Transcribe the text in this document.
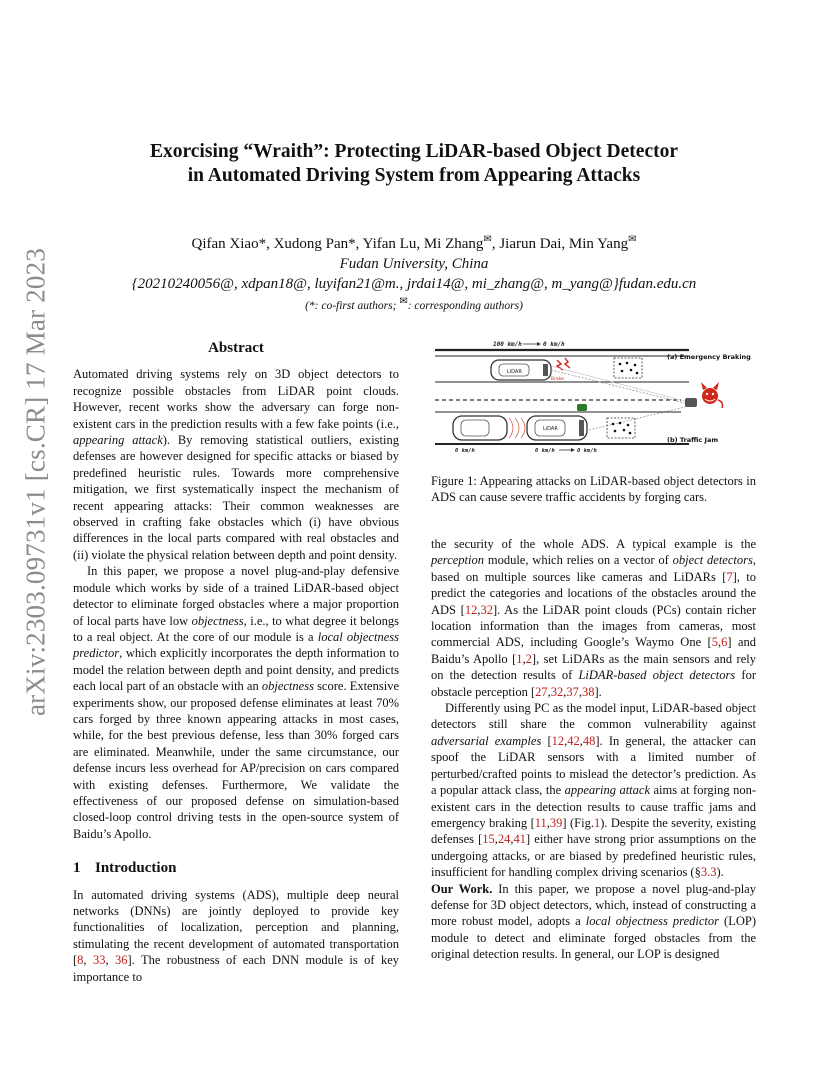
arXiv:2303.09731v1 [cs.CR] 17 Mar 2023
Exorcising “Wraith”: Protecting LiDAR-based Object Detector
in Automated Driving System from Appearing Attacks
Qifan Xiao*, Xudong Pan*, Yifan Lu, Mi Zhang✉, Jiarun Dai, Min Yang✉
Fudan University, China
{20210240056@, xdpan18@, luyifan21@m., jrdai14@, mi_zhang@, m_yang@}fudan.edu.cn
(*: co-first authors; ✉: corresponding authors)
Abstract

Automated driving systems rely on 3D object detectors to recognize possible obstacles from LiDAR point clouds. However, recent works show the adversary can forge non-existent cars in the prediction results with a few fake points (i.e., appearing attack). By removing statistical outliers, existing defenses are however designed for specific attacks or biased by predefined heuristic rules. Towards more comprehensive mitigation, we first systematically inspect the mechanism of recent appearing attacks: Their common weaknesses are observed in crafting fake obstacles which (i) have obvious differences in the local parts compared with real obstacles and (ii) violate the physical relation between depth and point density.

In this paper, we propose a novel plug-and-play defensive module which works by side of a trained LiDAR-based object detector to eliminate forged obstacles where a major proportion of local parts have low objectness, i.e., to what degree it belongs to a real object. At the core of our module is a local objectness predictor, which explicitly incorporates the depth information to model the relation between depth and point density, and predicts each local part of an obstacle with an objectness score. Extensive experiments show, our proposed defense eliminates at least 70% cars forged by three known appearing attacks in most cases, while, for the best previous defense, less than 30% forged cars are eliminated. Meanwhile, under the same circumstance, our defense incurs less overhead for AP/precision on cars compared with existing defenses. Furthermore, We validate the effectiveness of our proposed defense on simulation-based closed-loop control driving tests in the open-source system of Baidu’s Apollo.

1 Introduction

In automated driving systems (ADS), multiple deep neural networks (DNNs) are jointly deployed to provide key functionalities of localization, perception and planning, stimulating the recent development of automated transportation [8, 33, 36]. The robustness of each DNN module is of key importance to

100 km/h	0 km/h
LiDAR
Brake
(a) Emergency Braking
LiDAR
(b) Traffic Jam
0 km/h	0 km/h	0 km/h
Figure 1: Appearing attacks on LiDAR-based object detectors in ADS can cause severe traffic accidents by forging cars.

the security of the whole ADS. A typical example is the perception module, which relies on a vector of object detectors, based on multiple sources like cameras and LiDARs [7], to predict the categories and locations of the obstacles around the ADS [12,32]. As the LiDAR point clouds (PCs) contain richer location information than the images from cameras, most commercial ADS, including Google’s Waymo One [5,6] and Baidu’s Apollo [1,2], set LiDARs as the main sensors and rely on the detection results of LiDAR-based object detectors for obstacle perception [27,32,37,38].

Differently using PC as the model input, LiDAR-based object detectors still share the common vulnerability against adversarial examples [12,42,48]. In general, the attacker can spoof the LiDAR sensors with a limited number of perturbed/crafted points to mislead the detector’s prediction. As a popular attack class, the appearing attack aims at forging non-existent cars in the detection results to cause traffic jams and emergency braking [11,39] (Fig.1). Despite the severity, existing defenses [15,24,41] either have strong prior assumptions on the undergoing attacks, or are biased by predefined heuristic rules, insufficient for handling complex driving scenarios (§3.3).

Our Work. In this paper, we propose a novel plug-and-play defense for 3D object detectors, which, instead of constructing a more robust model, adopts a local objectness predictor (LOP) module to detect and eliminate forged obstacles from the original detection results. In general, our LOP is designed
